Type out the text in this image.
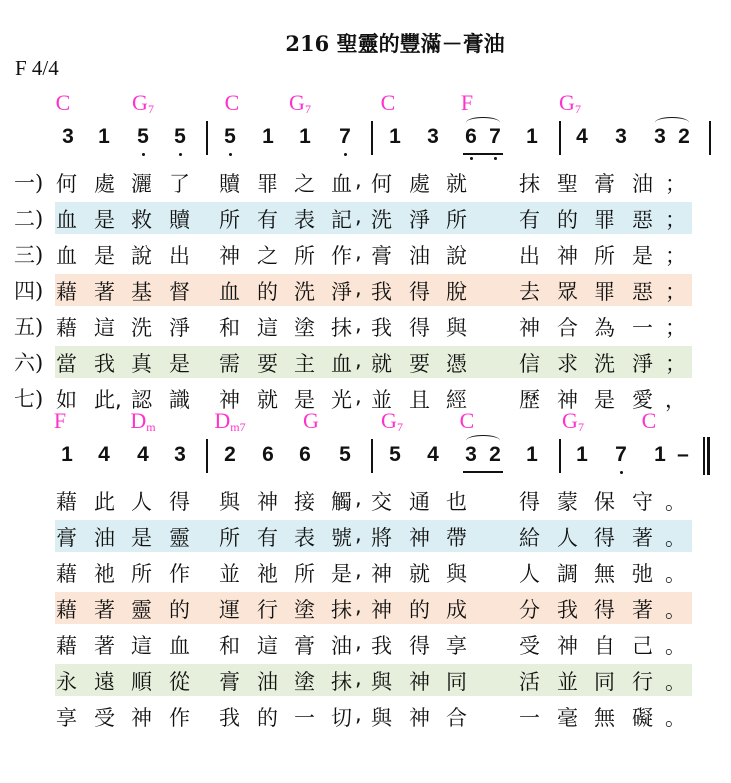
216 聖靈的豐滿－膏油
F 4/4
C	$G_7$	C $G_7$	C	F	$G_7$
3 1 5 5 5 1 1 7 1 3 6 7 1 4 3 3 2
一) 何 處 灑 了 贖 罪 之 血 何 處 就 抹 聖 膏 油
,	；
二) 血 是 救 贖 所 有 表 記 洗 淨 所 有 的 罪 惡
,	；
三) 血 是 說 出 神 之 所 作 膏 油 說 出 神 所 是
,	；
四) 藉 著 基 督 血 的 洗 淨 我 得 脫 去 眾 罪 惡
,	；
五) 藉 這 洗 淨 和 這 塗 抹 我 得 與 神 合 為 一
,	；
六) 當 我 真 是 需 要 主 血 就 要 憑 信 求 洗 淨
,	；
七) 如 此, 認 識 神 就 是 光 並 且 經 歷 神 是 愛
,	，
F	$D_m$	$D_{m7}$	G	$G_7$	C	$G_7$	C
1 4 4 3 2 6 6 5 5 4 3 2 1 1 7 1 –
藉 此 人 得 與 神 接 觸 交 通 也 得 蒙 保 守
,	。
膏 油 是 靈 所 有 表 號 將 神 帶 給 人 得 著
,	。
藉 祂 所 作 並 祂 所 是 神 就 與 人 調 無 弛
,	。
藉 著 靈 的 運 行 塗 抹 神 的 成 分 我 得 著
,	。
藉 著 這 血 和 這 膏 油 我 得 享 受 神 自 己
,	。
永 遠 順 從 膏 油 塗 抹 與 神 同 活 並 同 行
,	。
享 受 神 作 我 的 一 切 與 神 合 一 毫 無 礙
,	。
